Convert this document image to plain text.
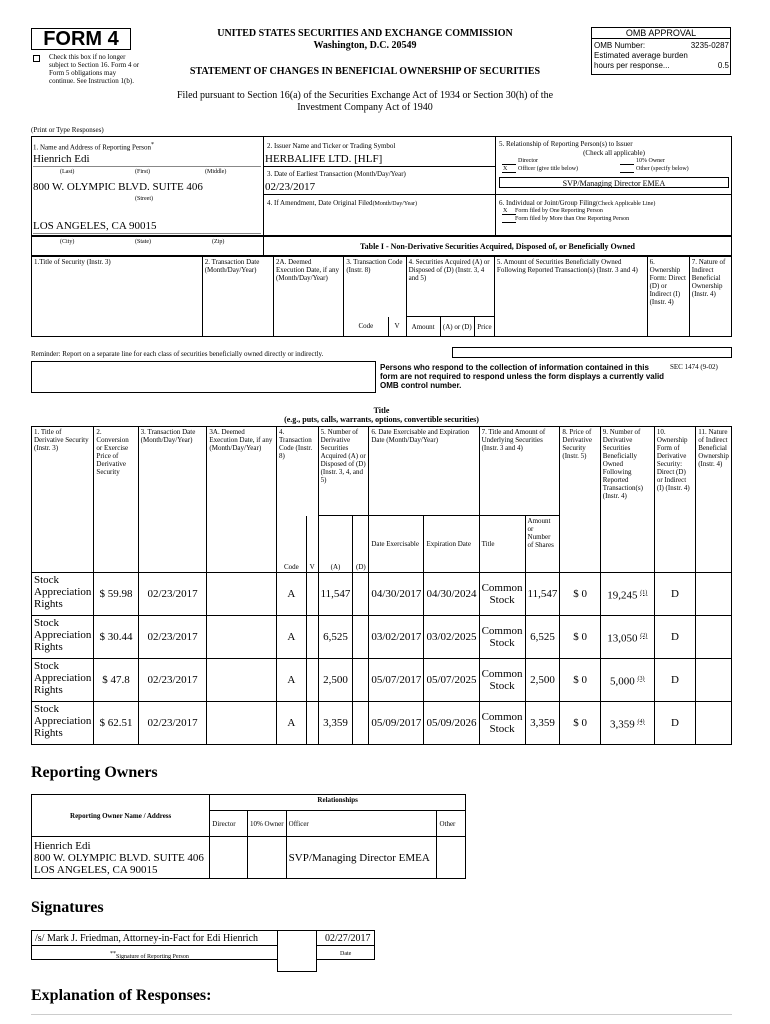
FORM 4
Check this box if no longer subject to Section 16. Form 4 or Form 5 obligations may continue. See Instruction 1(b).
UNITED STATES SECURITIES AND EXCHANGE COMMISSION
Washington, D.C. 20549
STATEMENT OF CHANGES IN BENEFICIAL OWNERSHIP OF SECURITIES
Filed pursuant to Section 16(a) of the Securities Exchange Act of 1934 or Section 30(h) of the
Investment Company Act of 1940
OMB APPROVAL
OMB Number:	3235-0287
Estimated average burden
hours per response...	0.5
(Print or Type Responses)
1. Name and Address of Reporting Person*
Hienrich Edi
(Last)	(First)	(Middle)
800 W. OLYMPIC BLVD. SUITE 406
(Street)
LOS ANGELES, CA 90015
2. Issuer Name and Ticker or Trading Symbol
HERBALIFE LTD. [HLF]
3. Date of Earliest Transaction (Month/Day/Year)
02/23/2017
4. If Amendment, Date Original Filed(Month/Day/Year)
5. Relationship of Reporting Person(s) to Issuer
(Check all applicable)
Director	10% Owner
X Officer (give title below)	Other (specify below)
SVP/Managing Director EMEA
6. Individual or Joint/Group Filing(Check Applicable Line)
X Form filed by One Reporting Person
Form filed by More than One Reporting Person
(City)	(State)	(Zip)	Table I - Non-Derivative Securities Acquired, Disposed of, or Beneficially Owned
1.Title of Security (Instr. 3)	2. Transaction Date (Month/Day/Year)	2A. Deemed Execution Date, if any (Month/Day/Year)	3. Transaction Code (Instr. 8)		4. Securities Acquired (A) or Disposed of (D) (Instr. 3, 4 and 5)			5. Amount of Securities Beneficially Owned Following Reported Transaction(s) (Instr. 3 and 4)	6. Ownership Form: Direct (D) or Indirect (I) (Instr. 4)	7. Nature of Indirect Beneficial Ownership (Instr. 4)
			Code	V	Amount	(A) or (D)	Price			
Reminder: Report on a separate line for each class of securities beneficially owned directly or indirectly.
Persons who respond to the collection of information contained in this form are not required to respond unless the form displays a currently valid OMB control number.
SEC 1474 (9-02)
Title
(e.g., puts, calls, warrants, options, convertible securities)
1. Title of Derivative Security (Instr. 3)	2. Conversion or Exercise Price of Derivative Security	3. Transaction Date (Month/Day/Year)	3A. Deemed Execution Date, if any (Month/Day/Year)	4. Transaction Code (Instr. 8)		5. Number of Derivative Securities Acquired (A) or Disposed of (D) (Instr. 3, 4, and 5)		6. Date Exercisable and Expiration Date (Month/Day/Year)		7. Title and Amount of Underlying Securities (Instr. 3 and 4)		8. Price of Derivative Security (Instr. 5)	9. Number of Derivative Securities Beneficially Owned Following Reported Transaction(s) (Instr. 4)	10. Ownership Form of Derivative Security: Direct (D) or Indirect (I) (Instr. 4)	11. Nature of Indirect Beneficial Ownership (Instr. 4)
				Code	V	(A)	(D)	Date Exercisable	Expiration Date	Title	Amount or Number of Shares				
Stock Appreciation Rights	$ 59.98	02/23/2017		A		11,547		04/30/2017	04/30/2024	Common Stock	11,547	$ 0	19,245 $^{(1)}$	D	
Stock Appreciation Rights	$ 30.44	02/23/2017		A		6,525		03/02/2017	03/02/2025	Common Stock	6,525	$ 0	13,050 $^{(2)}$	D	
Stock Appreciation Rights	$ 47.8	02/23/2017		A		2,500		05/07/2017	05/07/2025	Common Stock	2,500	$ 0	5,000 $^{(3)}$	D	
Stock Appreciation Rights	$ 62.51	02/23/2017		A		3,359		05/09/2017	05/09/2026	Common Stock	3,359	$ 0	3,359 $^{(4)}$	D	
Reporting Owners
Reporting Owner Name / Address	Relationships			
	Director	10% Owner	Officer	Other

Hienrich Edi
800 W. OLYMPIC BLVD. SUITE 406
LOS ANGELES, CA 90015			SVP/Managing Director EMEA	
Signatures
/s/ Mark J. Friedman, Attorney-in-Fact for Edi Hienrich
**Signature of Reporting Person
02/27/2017
Date
Explanation of Responses:
